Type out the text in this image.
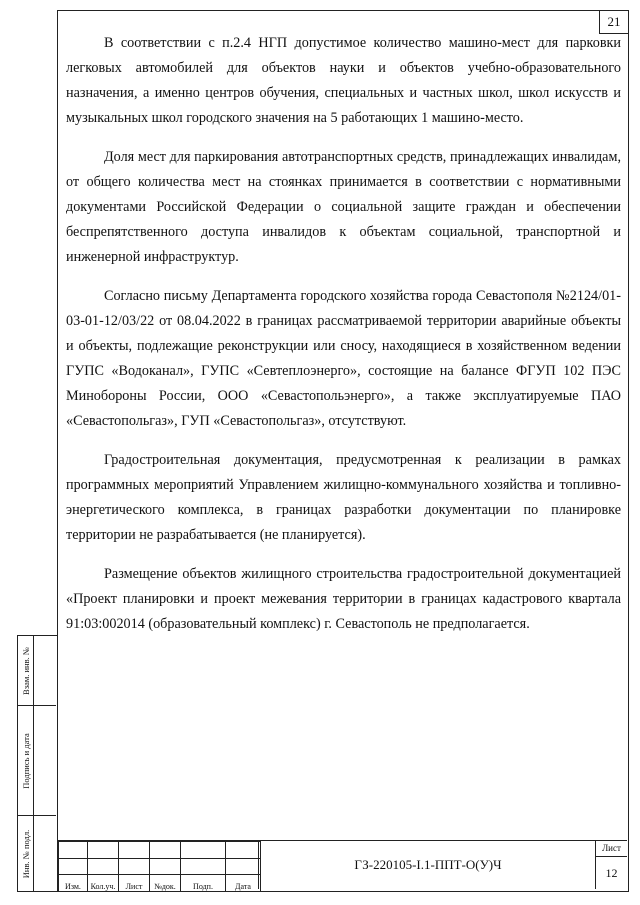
Взам. инв. №
Подпись и дата
Инв. № подл.
21

В соответствии с п.2.4 НГП допустимое количество машино-мест для парковки легковых автомобилей для объектов науки и объектов учебно-образовательного назначения, а именно центров обучения, специальных и частных школ, школ искусств и музыкальных школ городского значения на 5 работающих 1 машино-место.

Доля мест для паркирования автотранспортных средств, принадлежащих инвалидам, от общего количества мест на стоянках принимается в соответствии с нормативными документами Российской Федерации о социальной защите граждан и обеспечении беспрепятственного доступа инвалидов к объектам социальной, транспортной и инженерной инфраструктур.

Согласно письму Департамента городского хозяйства города Севастополя №2124/01-03-01-12/03/22 от 08.04.2022 в границах рассматриваемой территории аварийные объекты и объекты, подлежащие реконструкции или сносу, находящиеся в хозяйственном ведении ГУПС «Водоканал», ГУПС «Севтеплоэнерго», состоящие на балансе ФГУП 102 ПЭС Минобороны России, ООО «Севастопольэнерго», а также эксплуатируемые ПАО «Севастопольгаз», ГУП «Севастопольгаз», отсутствуют.

Градостроительная документация, предусмотренная к реализации в рамках программных мероприятий Управлением жилищно-коммунального хозяйства и топливно-энергетического комплекса, в границах разработки документации по планировке территории не разрабатывается (не планируется).

Размещение объектов жилищного строительства градостроительной документацией «Проект планировки и проект межевания территории в границах кадастрового квартала 91:03:002014 (образовательный комплекс) г. Севастополь не предполагается.

Изм.	Кол.уч.	Лист	№док.	Подп.	Дата
ГЗ-220105-I.1-ППТ-О(У)Ч
Лист
12
